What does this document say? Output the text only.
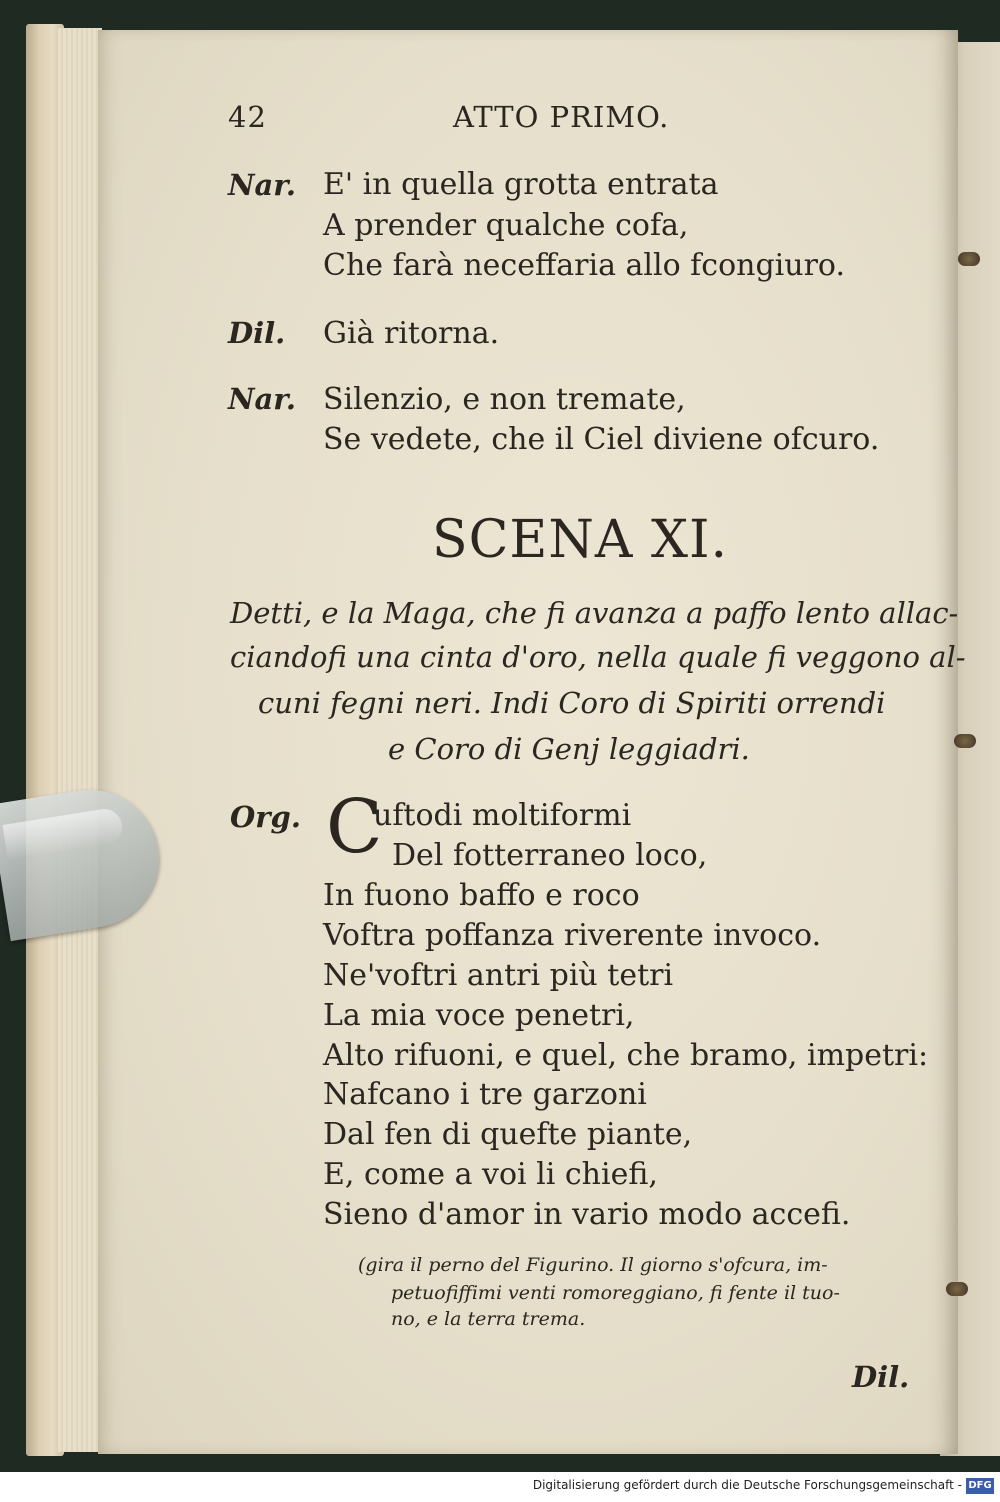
42	ATTO PRIMO.
Nar. E' in quella grotta entrata
A prender qualche cofa,
Che farà neceffaria allo fcongiuro.
Dil. Già ritorna.
Nar. Silenzio, e non tremate,
Se vedete, che il Ciel diviene ofcuro.
SCENA XI.
Detti, e la Maga, che fi avanza a paffo lento allac-
ciandofi una cinta d'oro, nella quale fi veggono al-
cuni fegni neri. Indi Coro di Spiriti orrendi
e Coro di Genj leggiadri.
Org. C
uftodi moltiformi
Del fotterraneo loco,
In fuono baffo e roco
Voftra poffanza riverente invoco.
Ne'voftri antri più tetri
La mia voce penetri,
Alto rifuoni, e quel, che bramo, impetri:
Nafcano i tre garzoni
Dal fen di quefte piante,
E, come a voi li chiefi,
Sieno d'amor in vario modo accefi.
(gira il perno del Figurino. Il giorno s'ofcura, im-
petuofiffimi venti romoreggiano, fi fente il tuo-
no, e la terra trema.
Dil.
Digitalisierung gefördert durch die Deutsche Forschungsgemeinschaft - DFG
